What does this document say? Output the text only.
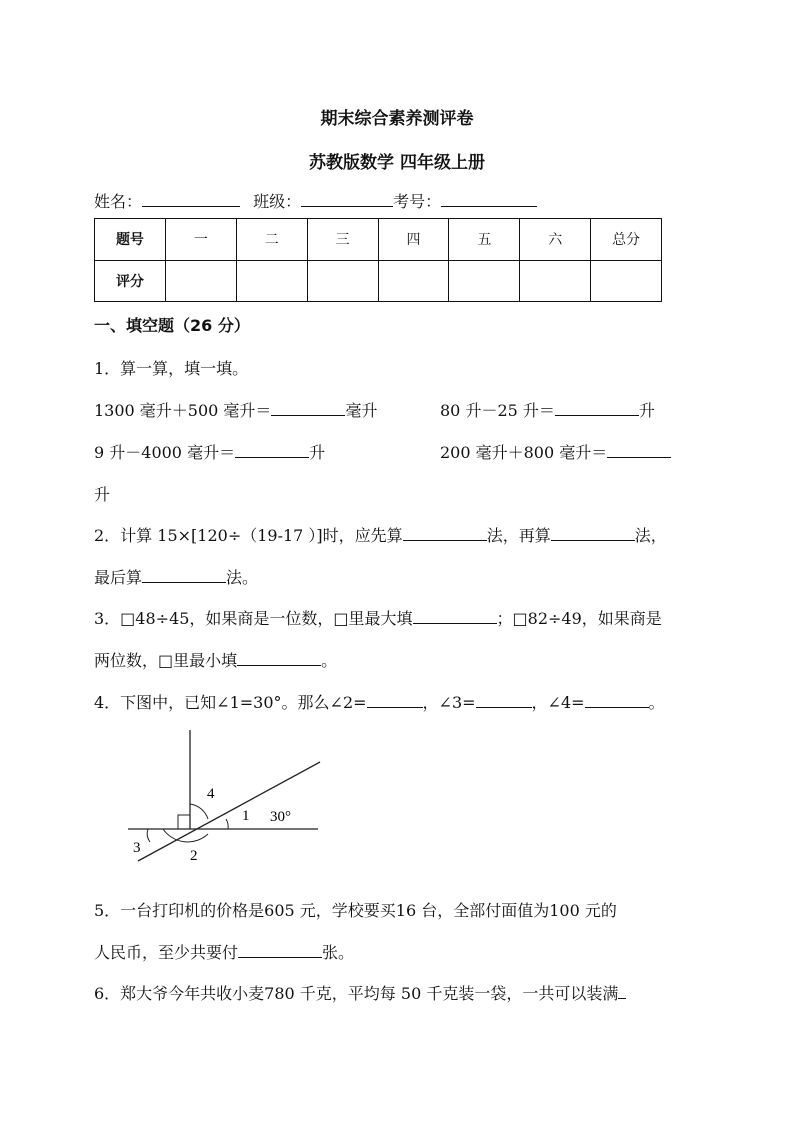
期末综合素养测评卷
苏教版数学 四年级上册
姓名：	班级：	考号：
题号	一	二	三	四	五	六	总分
评分							
一、填空题（26 分）
1．算一算，填一填。
1300 毫升＋500 毫升＝	毫升	80 升－25 升＝	升
9 升－4000 毫升＝	升	200 毫升＋800 毫升＝
升
2．计算 15×[120÷（19-17 ）]时，应先算	法，再算	法，
最后算	法。
3．□48÷45，如果商是一位数，□里最大填	；□82÷49，如果商是
两位数，□里最小填	。
4．下图中，已知∠1=30°。那么∠2=	，∠3=	，∠4=	。
1 30°
4
2
3
5．一台打印机的价格是605 元，学校要买16 台，全部付面值为100 元的
人民币，至少共要付	张。
6．郑大爷今年共收小麦780 千克，平均每 50 千克装一袋，一共可以装满
